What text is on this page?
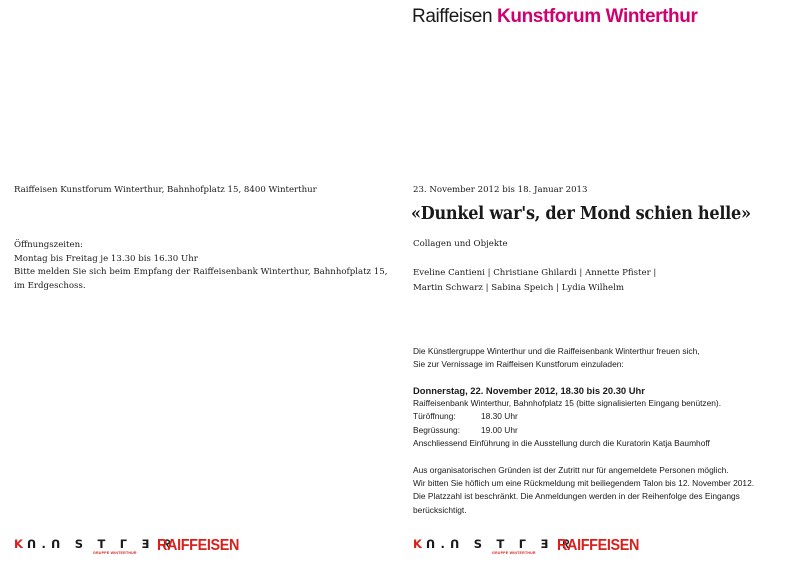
Raiffeisen Kunstforum Winterthur
Raiffeisen Kunstforum Winterthur, Bahnhofplatz 15, 8400 Winterthur
Öffnungszeiten:
Montag bis Freitag je 13.30 bis 16.30 Uhr
Bitte melden Sie sich beim Empfang der Raiffeisenbank Winterthur, Bahnhofplatz 15,
im Erdgeschoss.
23. November 2012 bis 18. Januar 2013
«Dunkel war's, der Mond schien helle»
Collagen und Objekte
Eveline Cantieni | Christiane Ghilardi | Annette Pfister |
Martin Schwarz | Sabina Speich | Lydia Wilhelm
Die Künstlergruppe Winterthur und die Raiffeisenbank Winterthur freuen sich,
Sie zur Vernissage im Raiffeisen Kunstforum einzuladen:
Donnerstag, 22. November 2012, 18.30 bis 20.30 Uhr
Raiffeisenbank Winterthur, Bahnhofplatz 15 (bitte signalisierten Eingang benützen).
Türöffnung:	18.30 Uhr
Begrüssung:	19.00 Uhr
Anschliessend Einführung in die Ausstellung durch die Kuratorin Katja Baumhoff
Aus organisatorischen Gründen ist der Zutritt nur für angemeldete Personen möglich.
Wir bitten Sie höflich um eine Rückmeldung mit beiliegendem Talon bis 12. November 2012.
Die Platzzahl ist beschränkt. Die Anmeldungen werden in der Reihenfolge des Eingangs
berücksichtigt.
Kᑎ.ᑎ S T ᒥ Ǝ ᖇ
GRUPPE WINTERTHUR	RAIFFEISEN	Kᑎ.ᑎ S T ᒥ Ǝ ᖇ
GRUPPE WINTERTHUR	RAIFFEISEN
